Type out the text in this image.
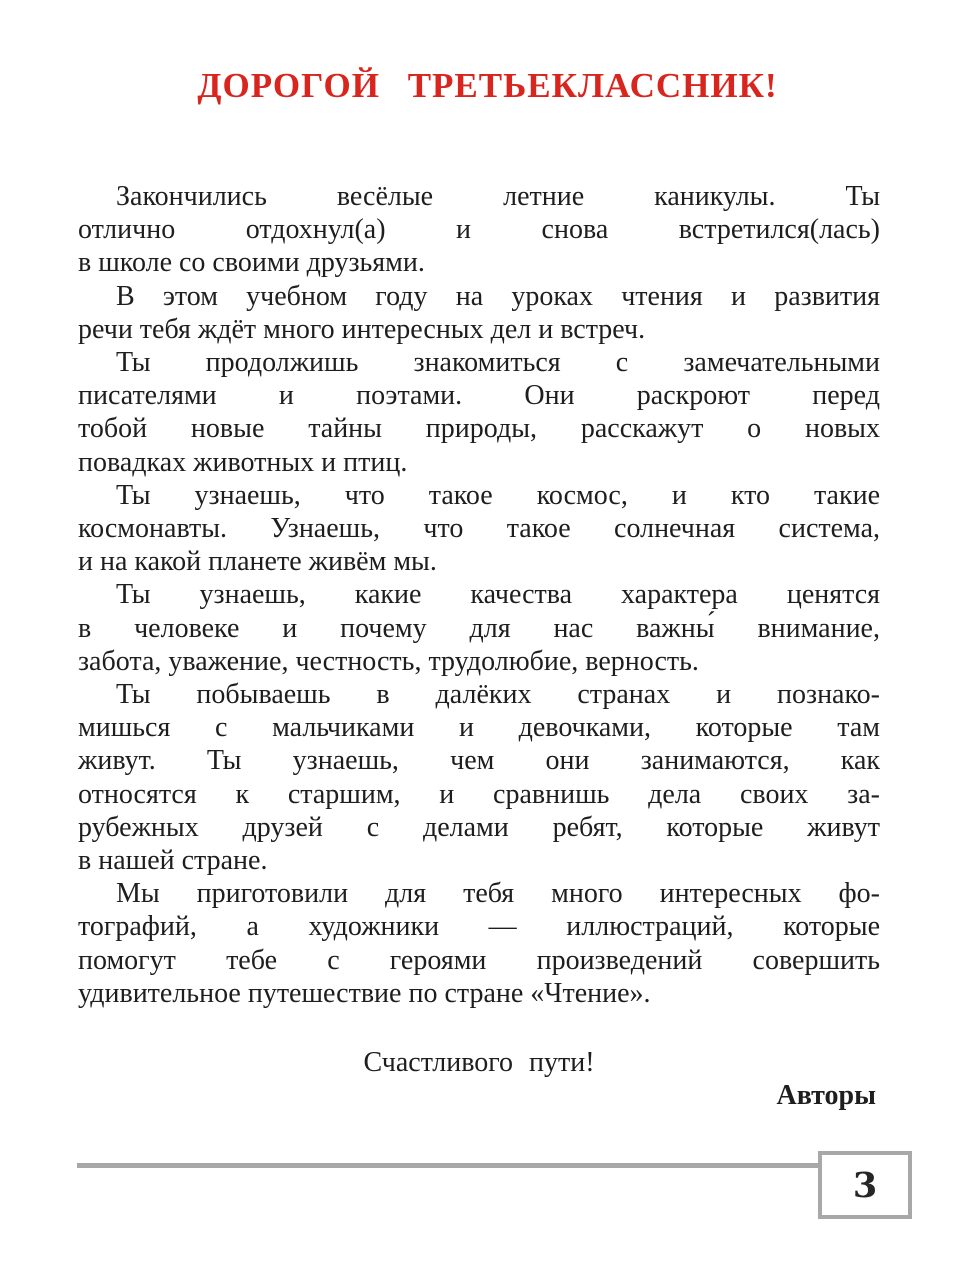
ДОРОГОЙ ТРЕТЬЕКЛАССНИК!
Закончились весёлые летние каникулы. Ты
отлично отдохнул(а) и снова встретился(лась)
в школе со своими друзьями.
В этом учебном году на уроках чтения и развития
речи тебя ждёт много интересных дел и встреч.
Ты продолжишь знакомиться с замечательными
писателями и поэтами. Они раскроют перед
тобой новые тайны природы, расскажут о новых
повадках животных и птиц.
Ты узнаешь, что такое космос, и кто такие
космонавты. Узнаешь, что такое солнечная система,
и на какой планете живём мы.
Ты узнаешь, какие качества характера ценятся
в человеке и почему для нас важны́ внимание,
забота, уважение, честность, трудолюбие, верность.
Ты побываешь в далёких странах и познако-
мишься с мальчиками и девочками, которые там
живут. Ты узнаешь, чем они занимаются, как
относятся к старшим, и сравнишь дела своих за-
рубежных друзей с делами ребят, которые живут
в нашей стране.
Мы приготовили для тебя много интересных фо-
тографий, а художники — иллюстраций, которые
помогут тебе с героями произведений совершить
удивительное путешествие по стране «Чтение».
Счастливого пути!
Авторы
3
